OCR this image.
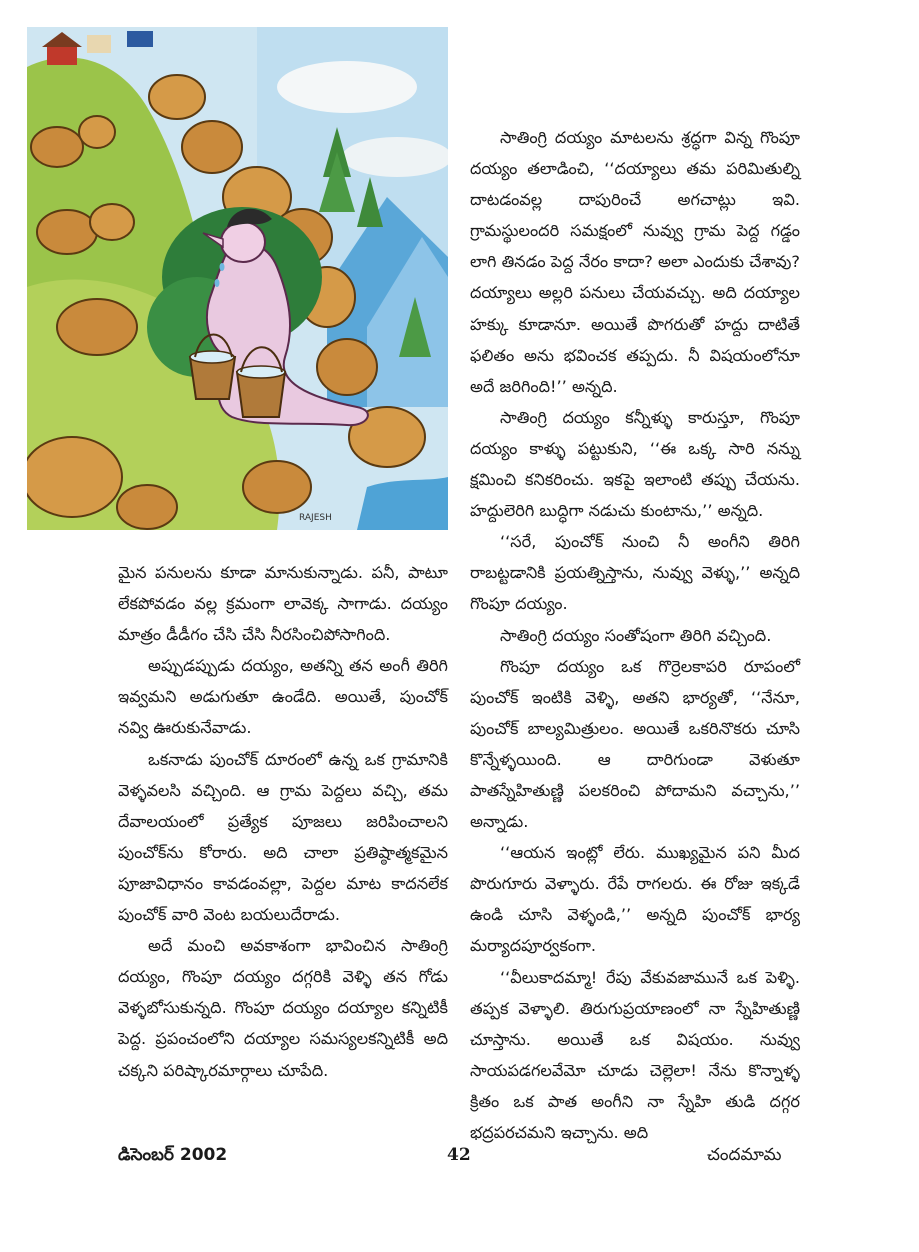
RAJESH

మైన పనులను కూడా మానుకున్నాడు. పనీ, పాటూ లేకపోవడం వల్ల క్రమంగా లావెక్క సాగాడు. దయ్యం మాత్రం డీడీగం చేసి చేసి నీరసించిపోసాగింది.

అప్పుడప్పుడు దయ్యం, అతన్ని తన అంగీ తిరిగి ఇవ్వమని అడుగుతూ ఉండేది. అయితే, పుంచోక్ నవ్వి ఊరుకునేవాడు.

ఒకనాడు పుంచోక్ దూరంలో ఉన్న ఒక గ్రామానికి వెళ్ళవలసి వచ్చింది. ఆ గ్రామ పెద్దలు వచ్చి, తమ దేవాలయంలో ప్రత్యేక పూజలు జరిపించాలని పుంచోక్‌ను కోరారు. అది చాలా ప్రతిష్ఠాత్మకమైన పూజావిధానం కావడంవల్లా, పెద్దల మాట కాదనలేక పుంచోక్ వారి వెంట బయలుదేరాడు.

అదే మంచి అవకాశంగా భావించిన సాతింగ్రి దయ్యం, గొంపూ దయ్యం దగ్గరికి వెళ్ళి తన గోడు వెళ్ళబోసుకున్నది. గొంపూ దయ్యం దయ్యాల కన్నిటికీ పెద్ద. ప్రపంచంలోని దయ్యాల సమస్యలకన్నిటికీ అది చక్కని పరిష్కారమార్గాలు చూపేది.

సాతింగ్రి దయ్యం మాటలను శ్రద్ధగా విన్న గొంపూ దయ్యం తలాడించి, ‘‘దయ్యాలు తమ పరిమితుల్ని దాటడంవల్ల దాపురించే అగచాట్లు ఇవి. గ్రామస్థులందరి సమక్షంలో నువ్వు గ్రామ పెద్ద గడ్డం లాగి తినడం పెద్ద నేరం కాదా? అలా ఎందుకు చేశావు? దయ్యాలు అల్లరి పనులు చేయవచ్చు. అది దయ్యాల హక్కు కూడానూ. అయితే పొగరుతో హద్దు దాటితే ఫలితం అను భవించక తప్పదు. నీ విషయంలోనూ అదే జరిగింది!’’ అన్నది.

సాతింగ్రి దయ్యం కన్నీళ్ళు కారుస్తూ, గొంపూ దయ్యం కాళ్ళు పట్టుకుని, ‘‘ఈ ఒక్క సారి నన్ను క్షమించి కనికరించు. ఇకపై ఇలాంటి తప్పు చేయను. హద్దులెరిగి బుద్ధిగా నడుచు కుంటాను,’’ అన్నది.

‘‘సరే, పుంచోక్ నుంచి నీ అంగీని తిరిగి రాబట్టడానికి ప్రయత్నిస్తాను, నువ్వు వెళ్ళు,’’ అన్నది గొంపూ దయ్యం.

సాతింగ్రి దయ్యం సంతోషంగా తిరిగి వచ్చింది.

గొంపూ దయ్యం ఒక గొర్రెలకాపరి రూపంలో పుంచోక్ ఇంటికి వెళ్ళి, అతని భార్యతో, ‘‘నేనూ, పుంచోక్ బాల్యమిత్రులం. అయితే ఒకరినొకరు చూసి కొన్నేళ్ళయింది. ఆ దారిగుండా వెళుతూ పాతస్నేహితుణ్ణి పలకరించి పోదామని వచ్చాను,’’ అన్నాడు.

‘‘ఆయన ఇంట్లో లేరు. ముఖ్యమైన పని మీద పొరుగూరు వెళ్ళారు. రేపే రాగలరు. ఈ రోజు ఇక్కడే ఉండి చూసి వెళ్ళండి,’’ అన్నది పుంచోక్ భార్య మర్యాదపూర్వకంగా.

‘‘వీలుకాదమ్మా! రేపు వేకువజామునే ఒక పెళ్ళి. తప్పక వెళ్ళాలి. తిరుగుప్రయాణంలో నా స్నేహితుణ్ణి చూస్తాను. అయితే ఒక విషయం. నువ్వు సాయపడగలవేమో చూడు చెల్లెలా! నేను కొన్నాళ్ళ క్రితం ఒక పాత అంగీని నా స్నేహి తుడి దగ్గర భద్రపరచమని ఇచ్చాను. అది

డిసెంబర్ 2002	42	చందమామ
